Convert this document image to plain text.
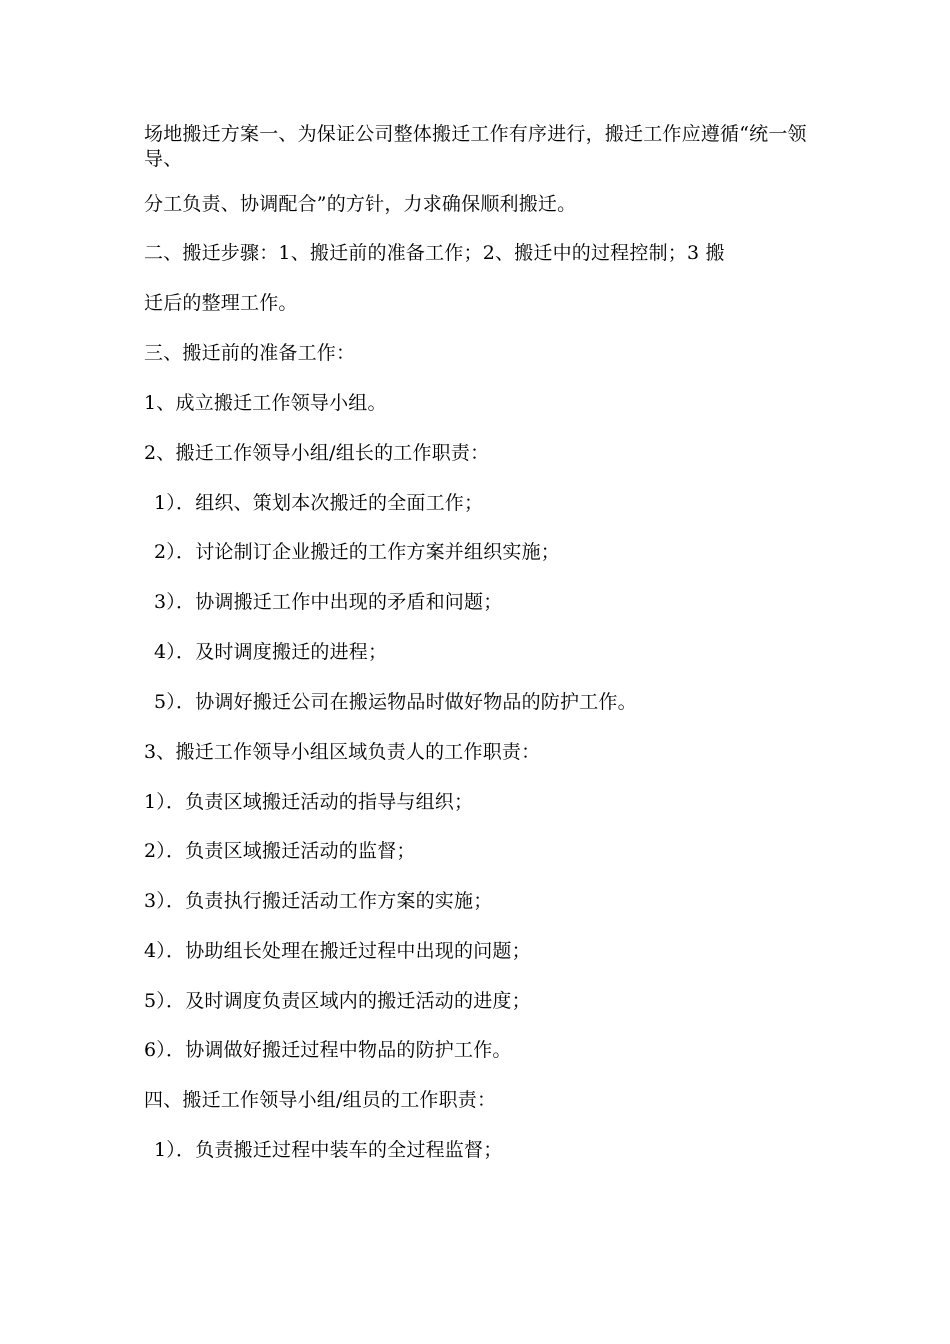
场地搬迁方案一、为保证公司整体搬迁工作有序进行，搬迁工作应遵循“统一领导、
分工负责、协调配合”的方针，力求确保顺利搬迁。
二、搬迁步骤：1、搬迁前的准备工作；2、搬迁中的过程控制；3 搬
迁后的整理工作。
三、搬迁前的准备工作：
1、成立搬迁工作领导小组。
2、搬迁工作领导小组/组长的工作职责：
1）．组织、策划本次搬迁的全面工作；
2）．讨论制订企业搬迁的工作方案并组织实施；
3）．协调搬迁工作中出现的矛盾和问题；
4）．及时调度搬迁的进程；
5）．协调好搬迁公司在搬运物品时做好物品的防护工作。
3、搬迁工作领导小组区域负责人的工作职责：
1）．负责区域搬迁活动的指导与组织；
2）．负责区域搬迁活动的监督；
3）．负责执行搬迁活动工作方案的实施；
4）．协助组长处理在搬迁过程中出现的问题；
5）．及时调度负责区域内的搬迁活动的进度；
6）．协调做好搬迁过程中物品的防护工作。
四、搬迁工作领导小组/组员的工作职责：
1）．负责搬迁过程中装车的全过程监督；
